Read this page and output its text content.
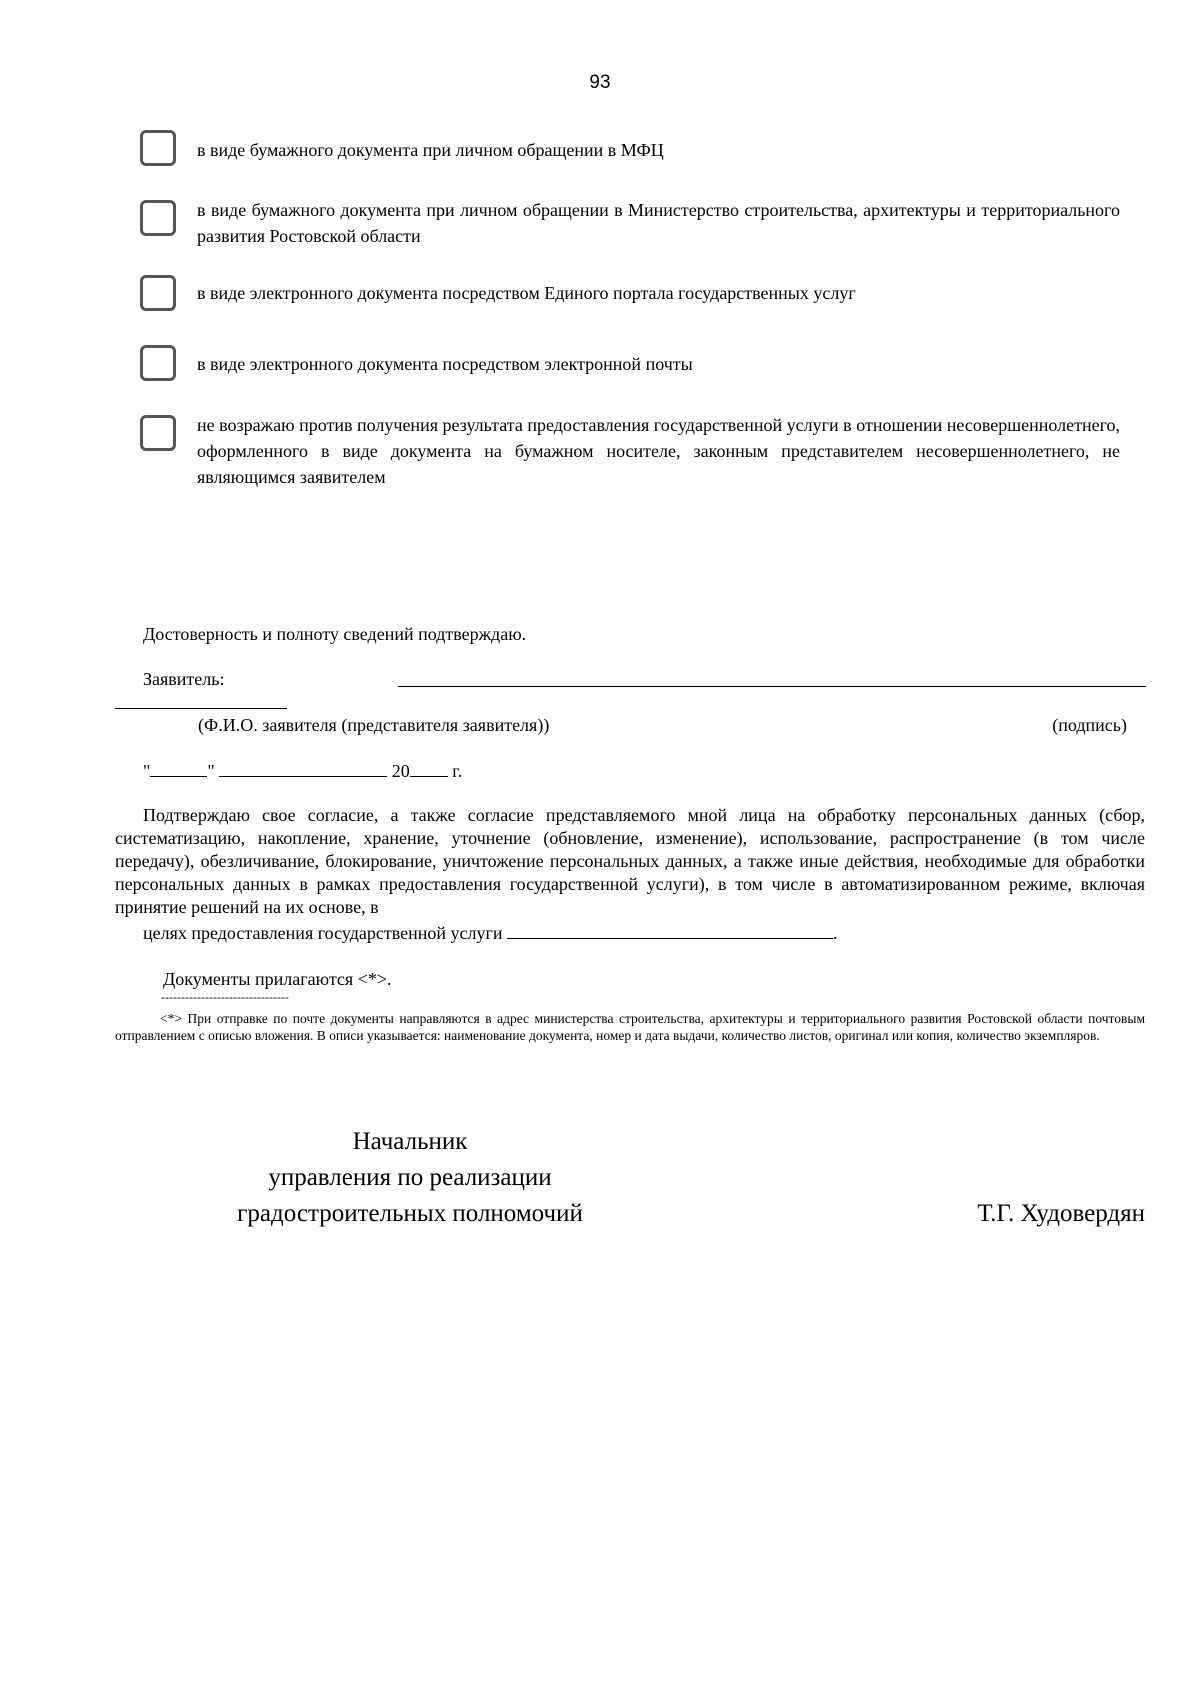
93
в виде бумажного документа при личном обращении в МФЦ
в виде бумажного документа при личном обращении в Министерство строительства, архитектуры и территориального развития Ростовской области
в виде электронного документа посредством Единого портала государственных услуг
в виде электронного документа посредством электронной почты
не возражаю против получения результата предоставления государственной услуги в отношении несовершеннолетнего, оформленного в виде документа на бумажном носителе, законным представителем несовершеннолетнего, не являющимся заявителем
Достоверность и полноту сведений подтверждаю.
Заявитель:
(Ф.И.О. заявителя (представителя заявителя))	(подпись)
"	"	20 г.
Подтверждаю свое согласие, а также согласие представляемого мной лица на обработку персональных данных (сбор, систематизацию, накопление, хранение, уточнение (обновление, изменение), использование, распространение (в том числе передачу), обезличивание, блокирование, уничтожение персональных данных, а также иные действия, необходимые для обработки персональных данных в рамках предоставления государственной услуги), в том числе в автоматизированном режиме, включая принятие решений на их основе, в
целях предоставления государственной услуги	.
Документы прилагаются <*>.
--------------------------------
<*> При отправке по почте документы направляются в адрес министерства строительства, архитектуры и территориального развития Ростовской области почтовым отправлением с описью вложения. В описи указывается: наименование документа, номер и дата выдачи, количество листов, оригинал или копия, количество экземпляров.
Начальник
управления по реализации
градостроительных полномочий	Т.Г. Худовердян
